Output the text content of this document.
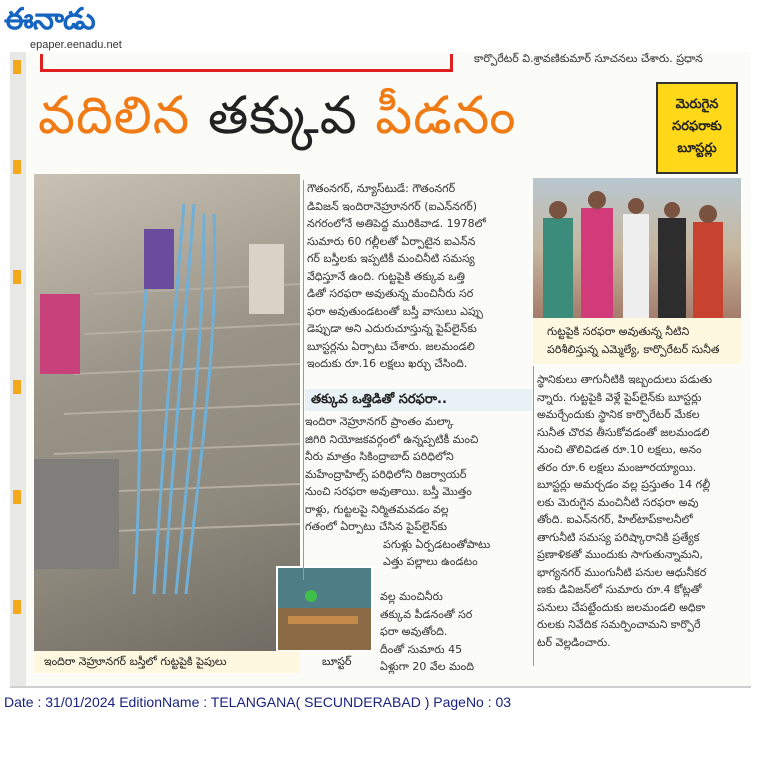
ఈనాడు
epaper.eenadu.net
కార్పొరేటర్ వి.శ్రావణికుమార్ సూచనలు చేశారు. ప్రధాన
వదిలిన తక్కువ పీడనం	మెరుగైన
సరఫరాకు
బూస్టర్లు
ఇందిరా నెహ్రూనగర్ బస్తీలో గుట్టపైకి పైపులు	బూస్టర్
గౌతంనగర్, న్యూస్‌టుడే: గౌతంనగర్
డివిజన్ ఇందిరానెహ్రూనగర్ (ఐఎన్‌నగర్)
నగరంలోనే అతిపెద్ద మురికివాడ. 1978లో
సుమారు 60 గల్లీలతో ఏర్పాటైన ఐఎన్‌న
గర్ బస్తీలకు ఇప్పటికీ మంచినీటి సమస్య
వేధిస్తూనే ఉంది. గుట్టపైకి తక్కువ ఒత్తి
డితో సరఫరా అవుతున్న మంచినీరు సర
ఫరా అవుతుండటంతో బస్తీ వాసులు ఎప్పు
డెప్పుడా అని ఎదురుచూస్తున్న పైప్‌లైన్‌కు
బూస్టర్లను ఏర్పాటు చేశారు. జలమండలి
ఇందుకు రూ.16 లక్షలు ఖర్చు చేసింది.
తక్కువ ఒత్తిడితో సరఫరా..
ఇందిరా నెహ్రూనగర్ ప్రాంతం మల్కా
జిగిరి నియోజకవర్గంలో ఉన్నప్పటికీ మంచి
నీరు మాత్రం సికింద్రాబాద్ పరిధిలోని
మహేంద్రాహిల్స్ పరిధిలోని రిజర్వాయర్
నుంచి సరఫరా అవుతాయి. బస్తీ మొత్తం
రాళ్లు, గుట్టలపై నిర్మితమవడం వల్ల
గతంలో ఏర్పాటు చేసిన పైప్‌లైన్‌కు
పగుళ్లు ఏర్పడటంతోపాటు
ఎత్తు పల్లాలు ఉండటం
వల్ల మంచినీరు
తక్కువ పీడనంతో సర
ఫరా అవుతోంది.
దీంతో సుమారు 45
ఏళ్లుగా 20 వేల మంది
గుట్టపైకి సరఫరా అవుతున్న నీటిని
పరిశీలిస్తున్న ఎమ్మెల్యే, కార్పొరేటర్ సునీత
స్థానికులు తాగునీటికి ఇబ్బందులు పడుతు
న్నారు. గుట్టపైకి వెళ్లే పైప్‌లైన్‌కు బూస్టర్లు
అమర్చేందుకు స్థానిక కార్పొరేటర్ మేకల
సునీత చొరవ తీసుకోవడంతో జలమండలి
నుంచి తొలివిడత రూ.10 లక్షలు, అనం
తరం రూ.6 లక్షలు మంజూరయ్యాయి.
బూస్టర్లు అమర్చడం వల్ల ప్రస్తుతం 14 గల్లీ
లకు మెరుగైన మంచినీటి సరఫరా అవు
తోంది. ఐఎన్‌నగర్, హిల్‌టాప్‌కాలనీలో
తాగునీటి సమస్య పరిష్కారానికి ప్రత్యేక
ప్రణాళికతో ముందుకు సాగుతున్నామని,
భాగ్యనగర్ ముంగునీటి పనుల ఆధునీకర
ణకు డివిజన్‌లో సుమారు రూ.4 కోట్లతో
పనులు చేపట్టేందుకు జలమండలి అధికా
రులకు నివేదిక సమర్పించామని కార్పొరే
టర్ వెల్లడించారు.
Date : 31/01/2024 EditionName : TELANGANA( SECUNDERABAD ) PageNo : 03
